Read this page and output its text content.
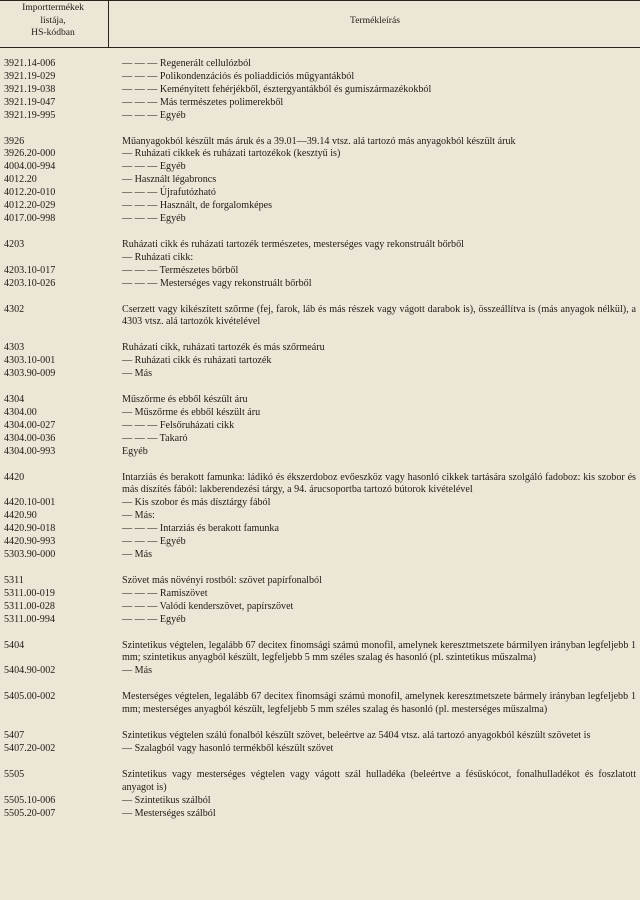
Importtermékek
listája,
HS-kódban
Termékleírás
3921.14-006	— — — Regenerált cellulózból
3921.19-029	— — — Polikondenzációs és poliaddiciós műgyantákból
3921.19-038	— — — Keményített fehérjékből, észtergyantákból és gumiszármazékokból
3921.19-047	— — — Más természetes polimerekből
3921.19-995	— — — Egyéb
3926	Műanyagokból készült más áruk és a 39.01—39.14 vtsz. alá tartozó más anyagokból készült áruk
3926.20-000	— Ruházati cikkek és ruházati tartozékok (kesztyű is)
4004.00-994	— — — Egyéb
4012.20	— Használt légabroncs
4012.20-010	— — — Újrafutózható
4012.20-029	— — — Használt, de forgalomképes
4017.00-998	— — — Egyéb
4203	Ruházati cikk és ruházati tartozék természetes, mesterséges vagy rekonstruált bőrből
— Ruházati cikk:
4203.10-017	— — — Természetes bőrből
4203.10-026	— — — Mesterséges vagy rekonstruált bőrből
4302	Cserzett vagy kikészített szőrme (fej, farok, láb és más részek vagy vágott darabok is), összeállítva is (más anyagok nélkül), a 4303 vtsz. alá tartozók kivételével
4303	Ruházati cikk, ruházati tartozék és más szőrmeáru
4303.10-001	— Ruházati cikk és ruházati tartozék
4303.90-009	— Más
4304	Műszőrme és ebből készült áru
4304.00	— Műszőrme és ebből készült áru
4304.00-027	— — — Felsőruházati cikk
4304.00-036	— — — Takaró
4304.00-993	Egyéb
4420	Intarziás és berakott famunka: ládikó és ékszerdoboz evőeszköz vagy hasonló cikkek tartására szolgáló fadoboz: kis szobor és más díszítés fából: lakberendezési tárgy, a 94. árucsoportba tartozó bútorok kivételével
4420.10-001	— Kis szobor és más dísztárgy fából
4420.90	— Más:
4420.90-018	— — — Intarziás és berakott famunka
4420.90-993	— — — Egyéb
5303.90-000	— Más
5311	Szövet más növényi rostból: szövet papírfonalból
5311.00-019	— — — Ramiszövet
5311.00-028	— — — Valódi kenderszövet, papírszövet
5311.00-994	— — — Egyéb
5404	Szintetikus végtelen, legalább 67 decitex finomsági számú monofil, amelynek keresztmetszete bármilyen irányban legfeljebb 1 mm; szintetikus anyagból készült, legfeljebb 5 mm széles szalag és hasonló (pl. szintetikus műszalma)
5404.90-002	— Más
5405.00-002	Mesterséges végtelen, legalább 67 decitex finomsági számú monofil, amelynek keresztmetszete bármely irányban legfeljebb 1 mm; mesterséges anyagból készült, legfeljebb 5 mm széles szalag és hasonló (pl. mesterséges műszalma)
5407	Szintetikus végtelen szálú fonalból készült szövet, beleértve az 5404 vtsz. alá tartozó anyagokból készült szövetet is
5407.20-002	— Szalagból vagy hasonló termékből készült szövet
5505	Szintetikus vagy mesterséges végtelen vagy vágott szál hulladéka (beleértve a fésűskócot, fonalhulladékot és foszlatott anyagot is)
5505.10-006	— Szintetikus szálból
5505.20-007	— Mesterséges szálból
